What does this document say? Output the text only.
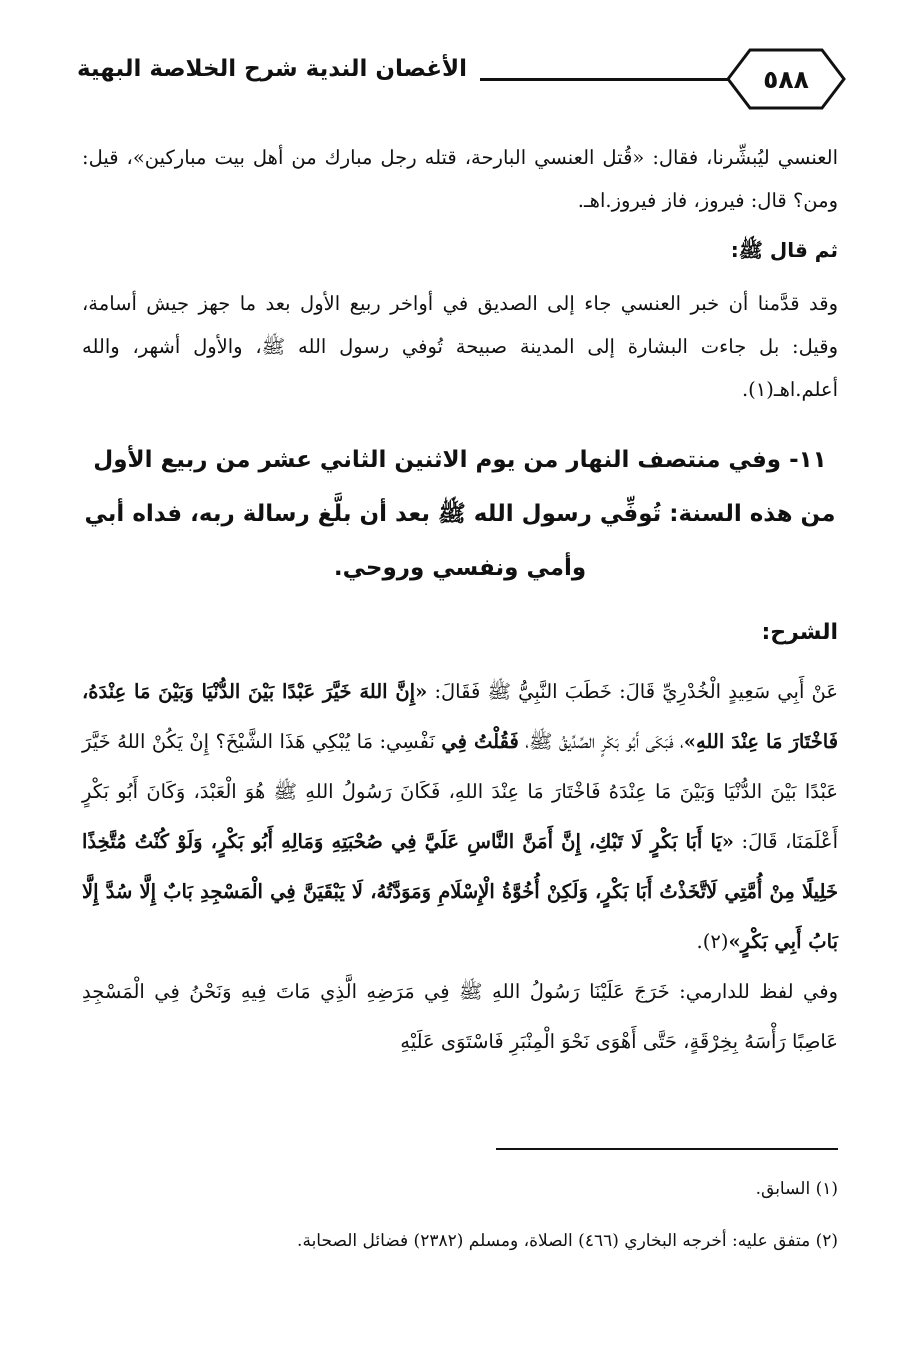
٥٨٨
الأغصان الندية شرح الخلاصة البهية

العنسي ليُبشِّرنا، فقال: «قُتل العنسي البارحة، قتله رجل مبارك من أهل بيت مباركين»، قيل: ومن؟ قال: فيروز، فاز فيروز.اهـ.

ثم قال ﷺ:

وقد قدَّمنا أن خبر العنسي جاء إلى الصديق في أواخر ربيع الأول بعد ما جهز جيش أسامة، وقيل: بل جاءت البشارة إلى المدينة صبيحة تُوفي رسول الله ﷺ، والأول أشهر، والله أعلم.اهـ(١).

١١- وفي منتصف النهار من يوم الاثنين الثاني عشر من ربيع الأول من هذه السنة: تُوفِّي رسول الله ﷺ بعد أن بلَّغ رسالة ربه، فداه أبي وأمي ونفسي وروحي.

الشرح:

عَنْ أَبِي سَعِيدٍ الْخُدْرِيِّ قَالَ: خَطَبَ النَّبِيُّ ﷺ فَقَالَ: «إِنَّ اللهَ خَيَّرَ عَبْدًا بَيْنَ الدُّنْيَا وَبَيْنَ مَا عِنْدَهُ، فَاخْتَارَ مَا عِنْدَ اللهِ»، فَبَكَى أَبُو بَكْرٍ الصِّدِّيقُ ﷺ، فَقُلْتُ فِي نَفْسِي: مَا يُبْكِي هَذَا الشَّيْخَ؟ إِنْ يَكُنْ اللهُ خَيَّرَ عَبْدًا بَيْنَ الدُّنْيَا وَبَيْنَ مَا عِنْدَهُ فَاخْتَارَ مَا عِنْدَ اللهِ، فَكَانَ رَسُولُ اللهِ ﷺ هُوَ الْعَبْدَ، وَكَانَ أَبُو بَكْرٍ أَعْلَمَنَا، قَالَ: «يَا أَبَا بَكْرٍ لَا تَبْكِ، إِنَّ أَمَنَّ النَّاسِ عَلَيَّ فِي صُحْبَتِهِ وَمَالِهِ أَبُو بَكْرٍ، وَلَوْ كُنْتُ مُتَّخِذًا خَلِيلًا مِنْ أُمَّتِي لَاتَّخَذْتُ أَبَا بَكْرٍ، وَلَكِنْ أُخُوَّةُ الْإِسْلَامِ وَمَوَدَّتُهُ، لَا يَبْقَيَنَّ فِي الْمَسْجِدِ بَابٌ إِلَّا سُدَّ إِلَّا بَابُ أَبِي بَكْرٍ»(٢).

وفي لفظ للدارمي: خَرَجَ عَلَيْنَا رَسُولُ اللهِ ﷺ فِي مَرَضِهِ الَّذِي مَاتَ فِيهِ وَنَحْنُ فِي الْمَسْجِدِ عَاصِبًا رَأْسَهُ بِخِرْقَةٍ، حَتَّى أَهْوَى نَحْوَ الْمِنْبَرِ فَاسْتَوَى عَلَيْهِ

(١) السابق.

(٢) متفق عليه: أخرجه البخاري (٤٦٦) الصلاة، ومسلم (٢٣٨٢) فضائل الصحابة.
